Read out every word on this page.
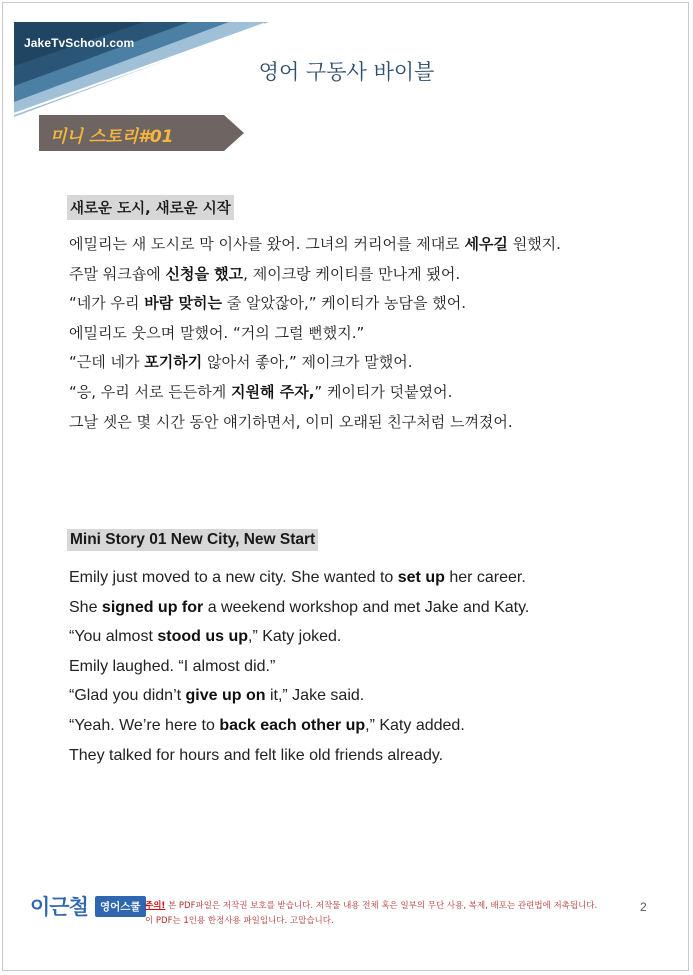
JakeTvSchool.com
영어 구동사 바이블
미니 스토리#01
새로운 도시, 새로운 시작
에밀리는 새 도시로 막 이사를 왔어. 그녀의 커리어를 제대로 세우길 원했지.
주말 워크숍에 신청을 했고, 제이크랑 케이티를 만나게 됐어.
“네가 우리 바람 맞히는 줄 알았잖아,” 케이티가 농담을 했어.
에밀리도 웃으며 말했어. “거의 그럴 뻔했지.”
“근데 네가 포기하기 않아서 좋아,” 제이크가 말했어.
“응, 우리 서로 든든하게 지원해 주자,” 케이티가 덧붙였어.
그날 셋은 몇 시간 동안 얘기하면서, 이미 오래된 친구처럼 느껴졌어.
Mini Story 01 New City, New Start
Emily just moved to a new city. She wanted to set up her career.
She signed up for a weekend workshop and met Jake and Katy.
“You almost stood us up,” Katy joked.
Emily laughed. “I almost did.”
“Glad you didn’t give up on it,” Jake said.
“Yeah. We’re here to back each other up,” Katy added.
They talked for hours and felt like old friends already.
이근철 영어스쿨 주의! 본 PDF파일은 저작권 보호를 받습니다. 저작물 내용 전체 혹은 일부의 무단 사용, 복제, 배포는 관련법에 저촉됩니다.
이 PDF는 1인용 한정사용 파일입니다. 고맙습니다.
2
